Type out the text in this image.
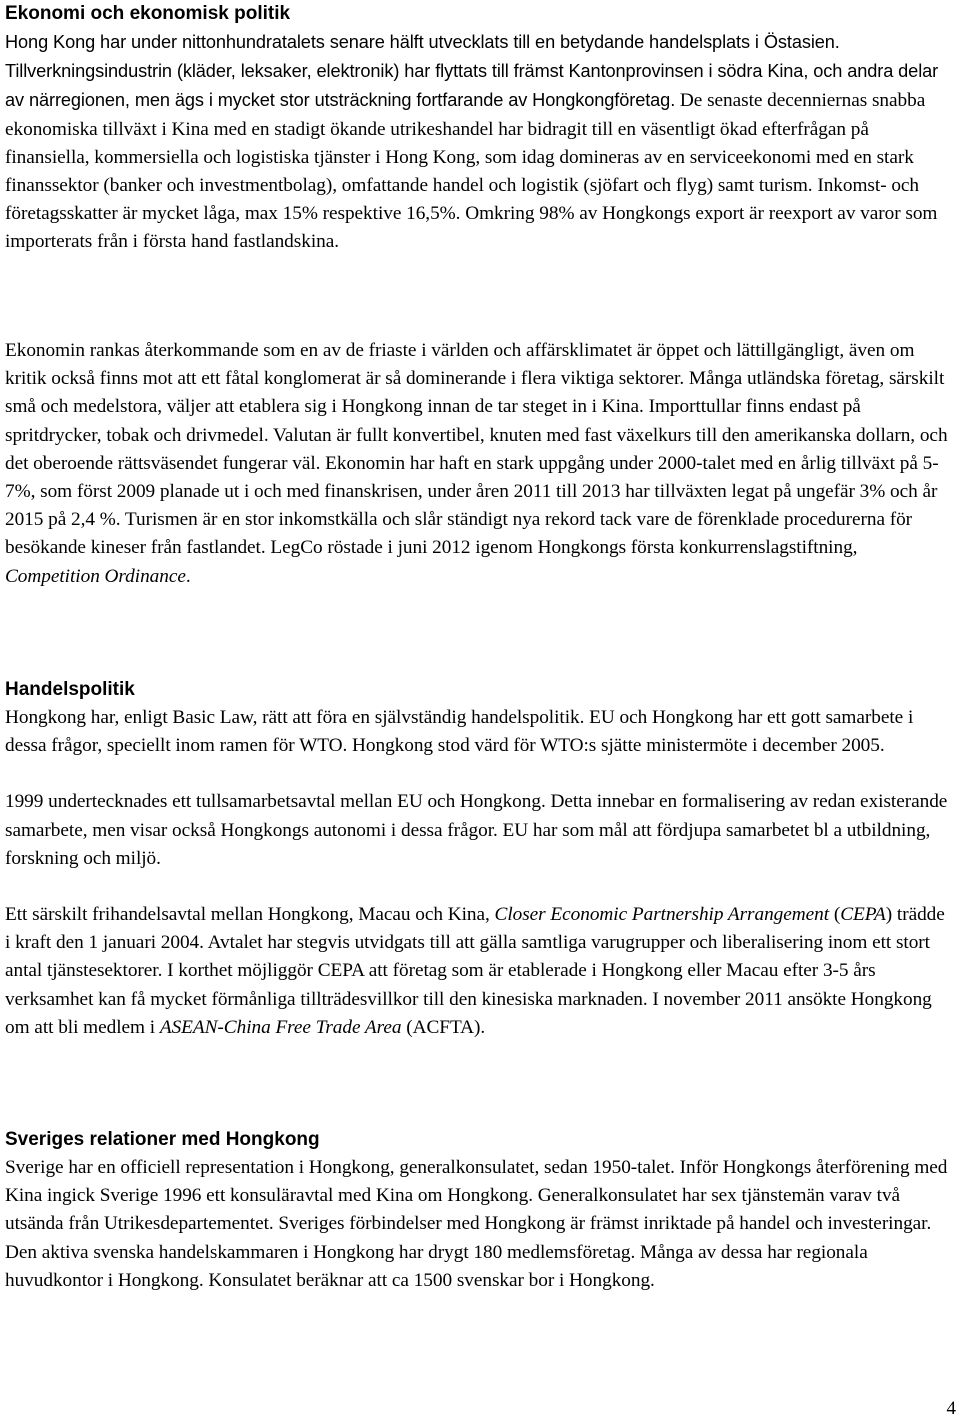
Ekonomi och ekonomisk politik

Hong Kong har under nittonhundratalets senare hälft utvecklats till en betydande handelsplats i Östasien. Tillverkningsindustrin (kläder, leksaker, elektronik) har flyttats till främst Kantonprovinsen i södra Kina, och andra delar av närregionen, men ägs i mycket stor utsträckning fortfarande av Hongkongföretag. De senaste decenniernas snabba ekonomiska tillväxt i Kina med en stadigt ökande utrikeshandel har bidragit till en väsentligt ökad efterfrågan på finansiella, kommersiella och logistiska tjänster i Hong Kong, som idag domineras av en serviceekonomi med en stark finanssektor (banker och investmentbolag), omfattande handel och logistik (sjöfart och flyg) samt turism. Inkomst- och företagsskatter är mycket låga, max 15% respektive 16,5%. Omkring 98% av Hongkongs export är reexport av varor som importerats från i första hand fastlandskina.

Ekonomin rankas återkommande som en av de friaste i världen och affärsklimatet är öppet och lättillgängligt, även om kritik också finns mot att ett fåtal konglomerat är så dominerande i flera viktiga sektorer. Många utländska företag, särskilt små och medelstora, väljer att etablera sig i Hongkong innan de tar steget in i Kina. Importtullar finns endast på spritdrycker, tobak och drivmedel. Valutan är fullt konvertibel, knuten med fast växelkurs till den amerikanska dollarn, och det oberoende rättsväsendet fungerar väl. Ekonomin har haft en stark uppgång under 2000-talet med en årlig tillväxt på 5-7%, som först 2009 planade ut i och med finanskrisen, under åren 2011 till 2013 har tillväxten legat på ungefär 3% och år 2015 på 2,4 %. Turismen är en stor inkomstkälla och slår ständigt nya rekord tack vare de förenklade procedurerna för besökande kineser från fastlandet. LegCo röstade i juni 2012 igenom Hongkongs första konkurrenslagstiftning, Competition Ordinance.

Handelspolitik

Hongkong har, enligt Basic Law, rätt att föra en självständig handelspolitik. EU och Hongkong har ett gott samarbete i dessa frågor, speciellt inom ramen för WTO. Hongkong stod värd för WTO:s sjätte ministermöte i december 2005.

1999 undertecknades ett tullsamarbetsavtal mellan EU och Hongkong. Detta innebar en formalisering av redan existerande samarbete, men visar också Hongkongs autonomi i dessa frågor. EU har som mål att fördjupa samarbetet bl a utbildning, forskning och miljö.

Ett särskilt frihandelsavtal mellan Hongkong, Macau och Kina, Closer Economic Partnership Arrangement (CEPA) trädde i kraft den 1 januari 2004. Avtalet har stegvis utvidgats till att gälla samtliga varugrupper och liberalisering inom ett stort antal tjänstesektorer. I korthet möjliggör CEPA att företag som är etablerade i Hongkong eller Macau efter 3-5 års verksamhet kan få mycket förmånliga tillträdesvillkor till den kinesiska marknaden. I november 2011 ansökte Hongkong om att bli medlem i ASEAN-China Free Trade Area (ACFTA).

Sveriges relationer med Hongkong

Sverige har en officiell representation i Hongkong, generalkonsulatet, sedan 1950-talet. Inför Hongkongs återförening med Kina ingick Sverige 1996 ett konsuläravtal med Kina om Hongkong. Generalkonsulatet har sex tjänstemän varav två utsända från Utrikesdepartementet. Sveriges förbindelser med Hongkong är främst inriktade på handel och investeringar. Den aktiva svenska handelskammaren i Hongkong har drygt 180 medlemsföretag. Många av dessa har regionala huvudkontor i Hongkong. Konsulatet beräknar att ca 1500 svenskar bor i Hongkong.

4
